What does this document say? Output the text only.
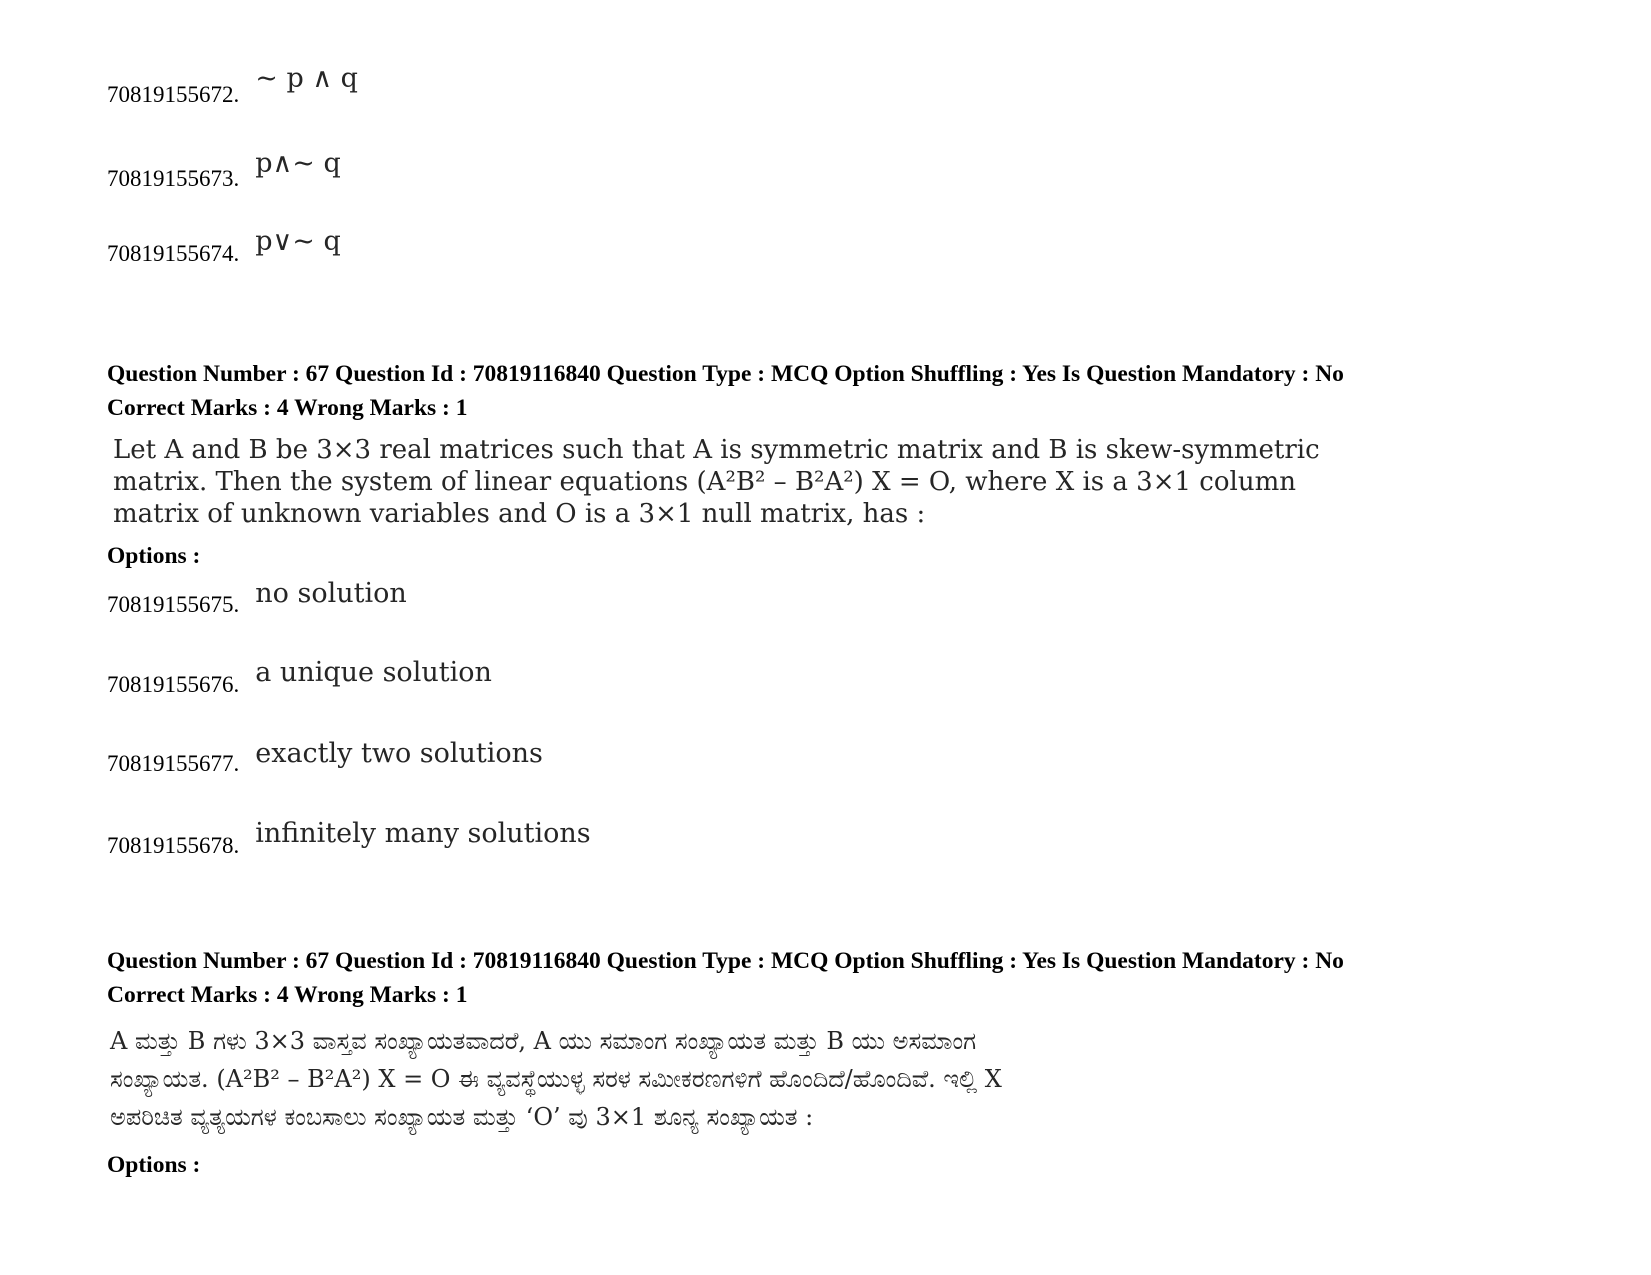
70819155672.
~ p ∧ q
70819155673. p∧~ q
70819155674. p∨~ q
Question Number : 67 Question Id : 70819116840 Question Type : MCQ Option Shuffling : Yes Is Question Mandatory : No
Correct Marks : 4 Wrong Marks : 1
Let A and B be 3×3 real matrices such that A is symmetric matrix and B is skew-symmetric
matrix. Then the system of linear equations (A²B² – B²A²) X = O, where X is a 3×1 column
matrix of unknown variables and O is a 3×1 null matrix, has :
Options :
70819155675. no solution
70819155676. a unique solution
70819155677. exactly two solutions
70819155678. infinitely many solutions
Question Number : 67 Question Id : 70819116840 Question Type : MCQ Option Shuffling : Yes Is Question Mandatory : No
Correct Marks : 4 Wrong Marks : 1
A ಮತ್ತು B ಗಳು 3×3 ವಾಸ್ತವ ಸಂಖ್ಯಾಯತವಾದರೆ, A ಯು ಸಮಾಂಗ ಸಂಖ್ಯಾಯತ ಮತ್ತು B ಯು ಅಸಮಾಂಗ
ಸಂಖ್ಯಾಯತ. (A²B² – B²A²) X = O ಈ ವ್ಯವಸ್ಥೆಯುಳ್ಳ ಸರಳ ಸಮೀಕರಣಗಳಿಗೆ ಹೊಂದಿದೆ/ಹೊಂದಿವೆ. ಇಲ್ಲಿ X
ಅಪರಿಚಿತ ವ್ಯತ್ಯಯಗಳ ಕಂಬಸಾಲು ಸಂಖ್ಯಾಯತ ಮತ್ತು ‘O’ ವು 3×1 ಶೂನ್ಯ ಸಂಖ್ಯಾಯತ :
Options :
